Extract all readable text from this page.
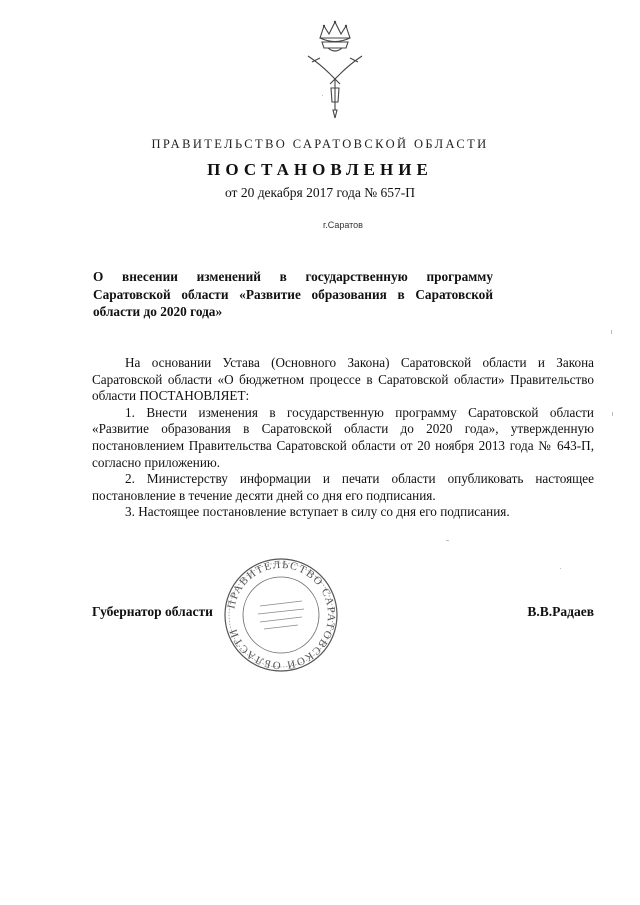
ПРАВИТЕЛЬСТВО САРАТОВСКОЙ ОБЛАСТИ
ПОСТАНОВЛЕНИЕ
от 20 декабря 2017 года № 657-П
г.Саратов
О внесении изменений в государственную программу Саратовской области «Развитие образования в Саратовской области до 2020 года»

На основании Устава (Основного Закона) Саратовской области и Закона Саратовской области «О бюджетном процессе в Саратовской области» Правительство области ПОСТАНОВЛЯЕТ:

1. Внести изменения в государственную программу Саратовской области «Развитие образования в Саратовской области до 2020 года», утвержденную постановлением Правительства Саратовской области от 20 ноября 2013 года № 643-П, согласно приложению.

2. Министерству информации и печати области опубликовать настоящее постановление в течение десяти дней со дня его подписания.

3. Настоящее постановление вступает в силу со дня его подписания.

ПРАВИТЕЛЬСТВО САРАТОВСКОЙ ОБЛАСТИ
Губернатор области	В.В.Радаев
